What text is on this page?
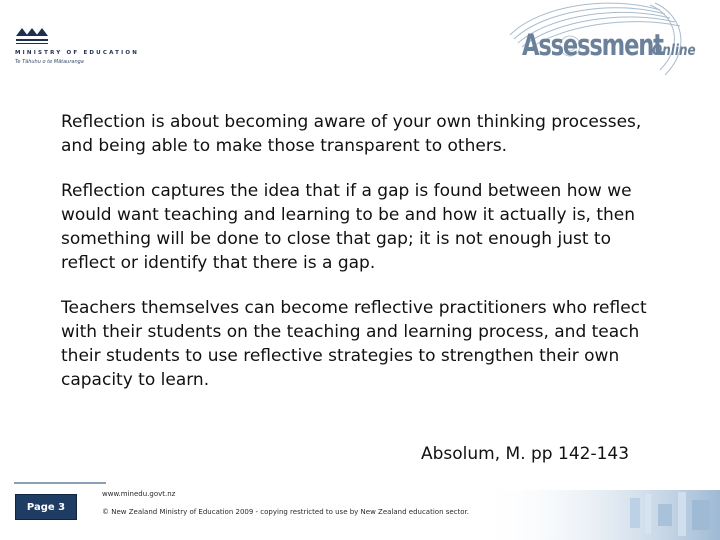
MINISTRY OF EDUCATION
Te Tāhuhu o te Mātauranga	Assessment
Online

Reflection is about becoming aware of your own thinking processes, and being able to make those transparent to others.

Reflection captures the idea that if a gap is found between how we would want teaching and learning to be and how it actually is, then something will be done to close that gap; it is not enough just to reflect or identify that there is a gap.

Teachers themselves can become reflective practitioners who reflect with their students on the teaching and learning process, and teach their students to use reflective strategies to strengthen their own capacity to learn.

Absolum, M. pp 142-143
Page 3
www.minedu.govt.nz
© New Zealand Ministry of Education 2009 - copying restricted to use by New Zealand education sector.
